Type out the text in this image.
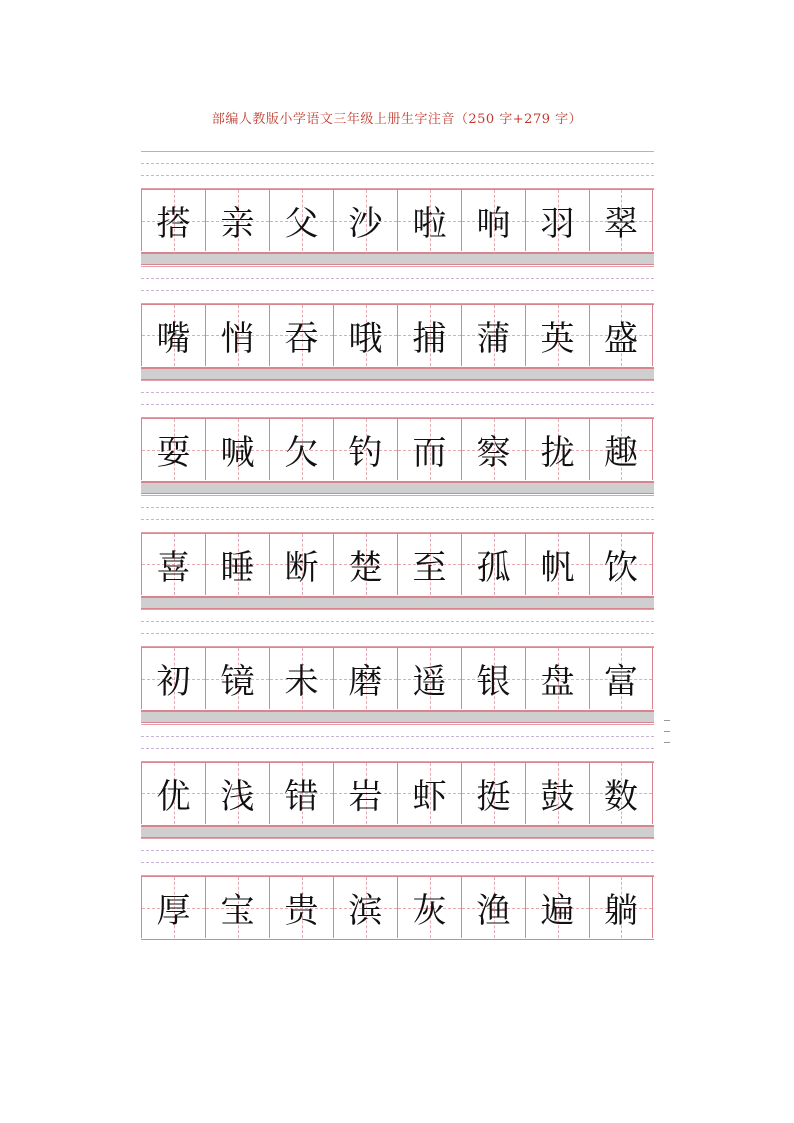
部编人教版小学语文三年级上册生字注音（250 字+279 字）
搭 亲 父 沙 啦 响 羽 翠
嘴 悄 吞 哦 捕 蒲 英 盛
耍 喊 欠 钓 而 察 拢 趣
喜 睡 断 楚 至 孤 帆 饮
初 镜 未 磨 遥 银 盘 富
优 浅 错 岩 虾 挺 鼓 数
厚 宝 贵 滨 灰 渔 遍 躺
